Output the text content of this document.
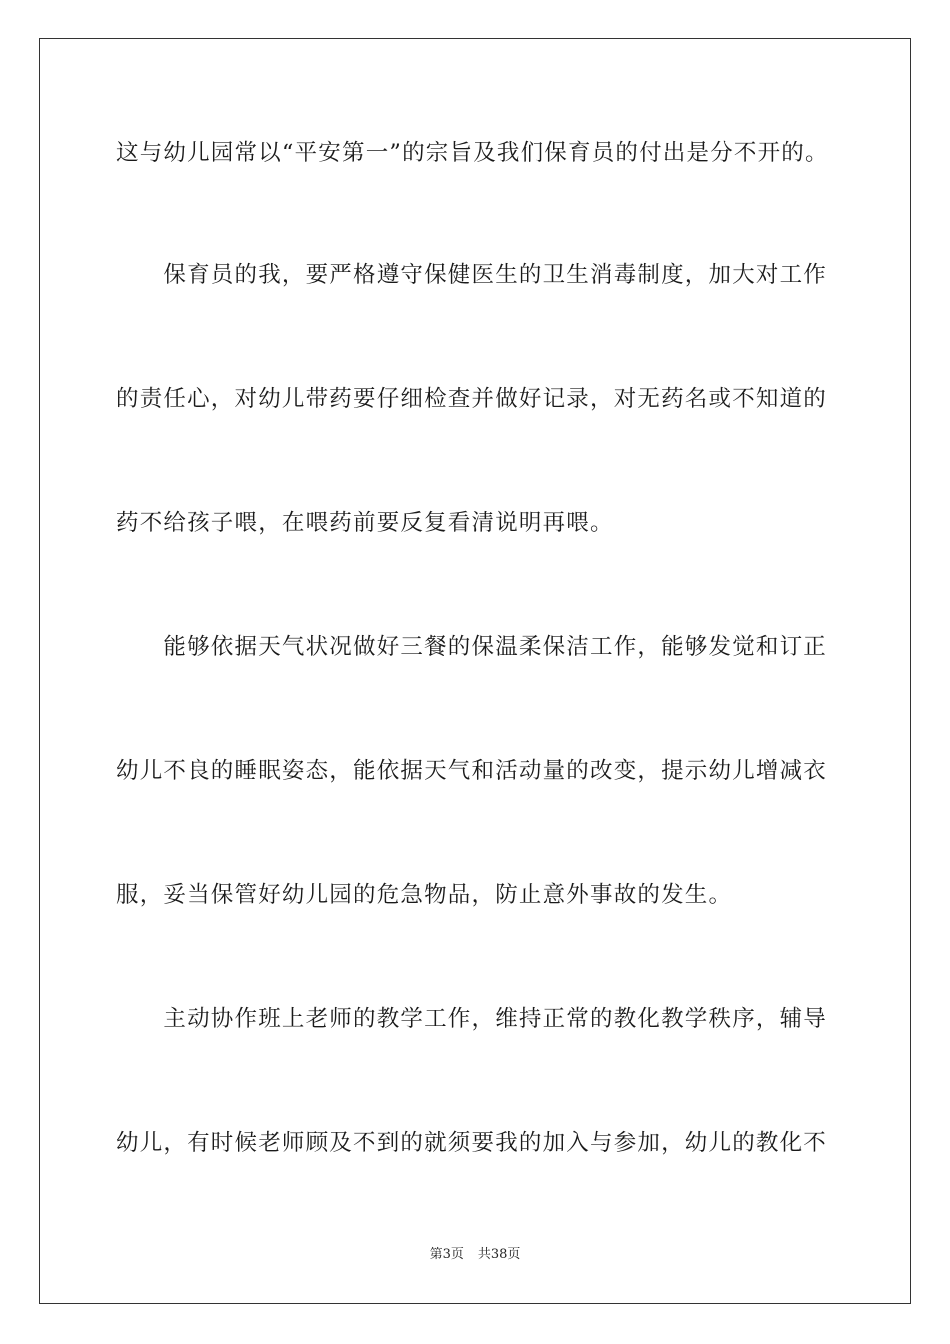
这与幼儿园常以“平安第一”的宗旨及我们保育员的付出是分不开的。
　　保育员的我，要严格遵守保健医生的卫生消毒制度，加大对工作
的责任心，对幼儿带药要仔细检查并做好记录，对无药名或不知道的
药不给孩子喂，在喂药前要反复看清说明再喂。
　　能够依据天气状况做好三餐的保温柔保洁工作，能够发觉和订正
幼儿不良的睡眠姿态，能依据天气和活动量的改变，提示幼儿增减衣
服，妥当保管好幼儿园的危急物品，防止意外事故的发生。
　　主动协作班上老师的教学工作，维持正常的教化教学秩序，辅导
幼儿，有时候老师顾及不到的就须要我的加入与参加，幼儿的教化不
第3页 共38页
